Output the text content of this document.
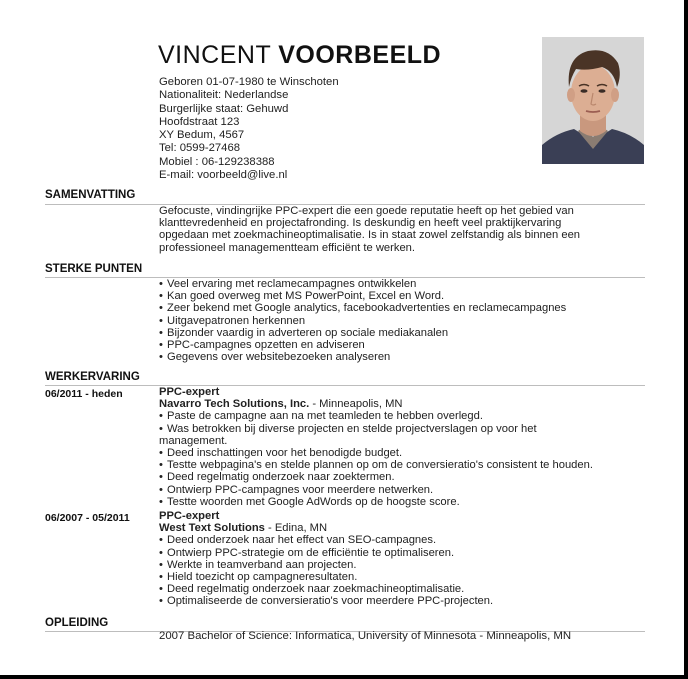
VINCENT VOORBEELD
Geboren 01-07-1980 te Winschoten
Nationaliteit: Nederlandse
Burgerlijke staat: Gehuwd
Hoofdstraat 123
XY Bedum, 4567
Tel: 0599-27468
Mobiel : 06-129238388
E-mail: voorbeeld@live.nl
SAMENVATTING
Gefocuste, vindingrijke PPC-expert die een goede reputatie heeft op het gebied van
klanttevredenheid en projectafronding. Is deskundig en heeft veel praktijkervaring
opgedaan met zoekmachineoptimalisatie. Is in staat zowel zelfstandig als binnen een
professioneel managementteam efficiënt te werken.
STERKE PUNTEN
• Veel ervaring met reclamecampagnes ontwikkelen
• Kan goed overweg met MS PowerPoint, Excel en Word.
• Zeer bekend met Google analytics, facebookadvertenties en reclamecampagnes
• Uitgavepatronen herkennen
• Bijzonder vaardig in adverteren op sociale mediakanalen
• PPC-campagnes opzetten en adviseren
• Gegevens over websitebezoeken analyseren
WERKERVARING
06/2011 - heden	PPC-expert
Navarro Tech Solutions, Inc. - Minneapolis, MN
• Paste de campagne aan na met teamleden te hebben overlegd.
• Was betrokken bij diverse projecten en stelde projectverslagen op voor het
management.
• Deed inschattingen voor het benodigde budget.
• Testte webpagina's en stelde plannen op om de conversieratio's consistent te houden.
• Deed regelmatig onderzoek naar zoektermen.
• Ontwierp PPC-campagnes voor meerdere netwerken.
• Testte woorden met Google AdWords op de hoogste score.
06/2007 - 05/2011	PPC-expert
West Text Solutions - Edina, MN
• Deed onderzoek naar het effect van SEO-campagnes.
• Ontwierp PPC-strategie om de efficiëntie te optimaliseren.
• Werkte in teamverband aan projecten.
• Hield toezicht op campagneresultaten.
• Deed regelmatig onderzoek naar zoekmachineoptimalisatie.
• Optimaliseerde de conversieratio's voor meerdere PPC-projecten.
OPLEIDING
2007 Bachelor of Science: Informatica, University of Minnesota - Minneapolis, MN
